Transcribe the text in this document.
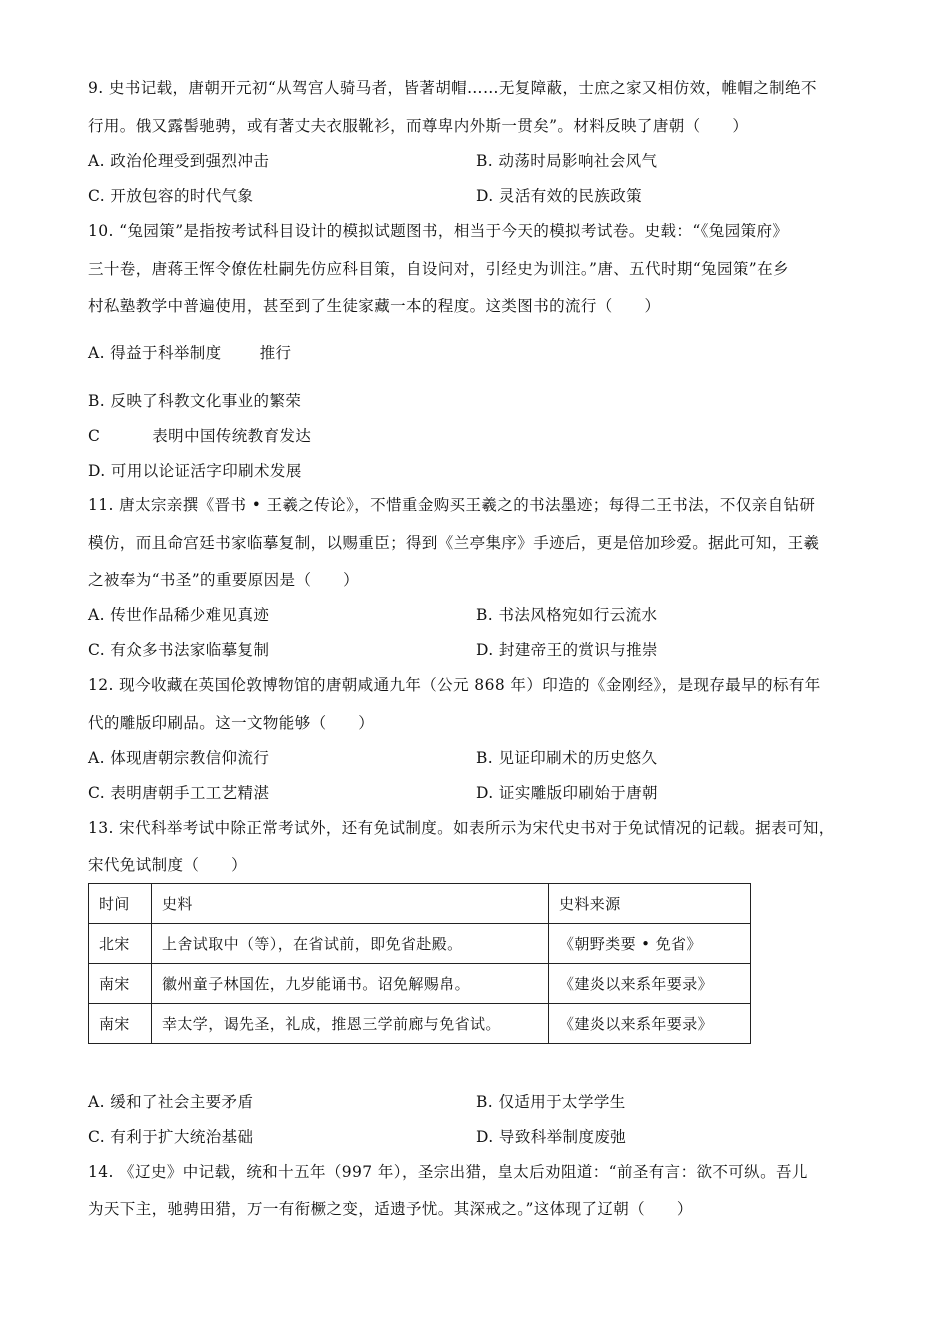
9. 史书记载，唐朝开元初“从驾宫人骑马者，皆著胡帽……无复障蔽，士庶之家又相仿效，帷帽之制绝不
行用。俄又露髻驰骋，或有著丈夫衣服靴衫，而尊卑内外斯一贯矣”。材料反映了唐朝（　　）
A. 政治伦理受到强烈冲击	B. 动荡时局影响社会风气
C. 开放包容的时代气象	D. 灵活有效的民族政策
10. “兔园策”是指按考试科目设计的模拟试题图书，相当于今天的模拟考试卷。史载：“《兔园策府》
三十卷，唐蒋王恽令僚佐杜嗣先仿应科目策，自设问对，引经史为训注。”唐、五代时期“兔园策”在乡
村私塾教学中普遍使用，甚至到了生徒家藏一本的程度。这类图书的流行（　　）
A. 得益于科举制度 推行
B. 反映了科教文化事业的繁荣
C	表明中国传统教育发达
D. 可用以论证活字印刷术发展
11. 唐太宗亲撰《晋书 • 王羲之传论》，不惜重金购买王羲之的书法墨迹；每得二王书法，不仅亲自钻研
模仿，而且命宫廷书家临摹复制，以赐重臣；得到《兰亭集序》手迹后，更是倍加珍爱。据此可知，王羲
之被奉为“书圣”的重要原因是（　　）
A. 传世作品稀少难见真迹	B. 书法风格宛如行云流水
C. 有众多书法家临摹复制	D. 封建帝王的赏识与推崇
12. 现今收藏在英国伦敦博物馆的唐朝咸通九年（公元 868 年）印造的《金刚经》，是现存最早的标有年
代的雕版印刷品。这一文物能够（　　）
A. 体现唐朝宗教信仰流行	B. 见证印刷术的历史悠久
C. 表明唐朝手工工艺精湛	D. 证实雕版印刷始于唐朝
13. 宋代科举考试中除正常考试外，还有免试制度。如表所示为宋代史书对于免试情况的记载。据表可知，
宋代免试制度（　　）
时间	史料	史料来源
北宋	上舍试取中（等），在省试前，即免省赴殿。	《朝野类要 • 免省》
南宋	徽州童子林国佐，九岁能诵书。诏免解赐帛。	《建炎以来系年要录》
南宋	幸太学，谒先圣，礼成，推恩三学前廊与免省试。	《建炎以来系年要录》
A. 缓和了社会主要矛盾	B. 仅适用于太学学生
C. 有利于扩大统治基础	D. 导致科举制度废弛
14. 《辽史》中记载，统和十五年（997 年），圣宗出猎，皇太后劝阻道：“前圣有言：欲不可纵。吾儿
为天下主，驰骋田猎，万一有衔橛之变，适遗予忧。其深戒之。”这体现了辽朝（　　）
